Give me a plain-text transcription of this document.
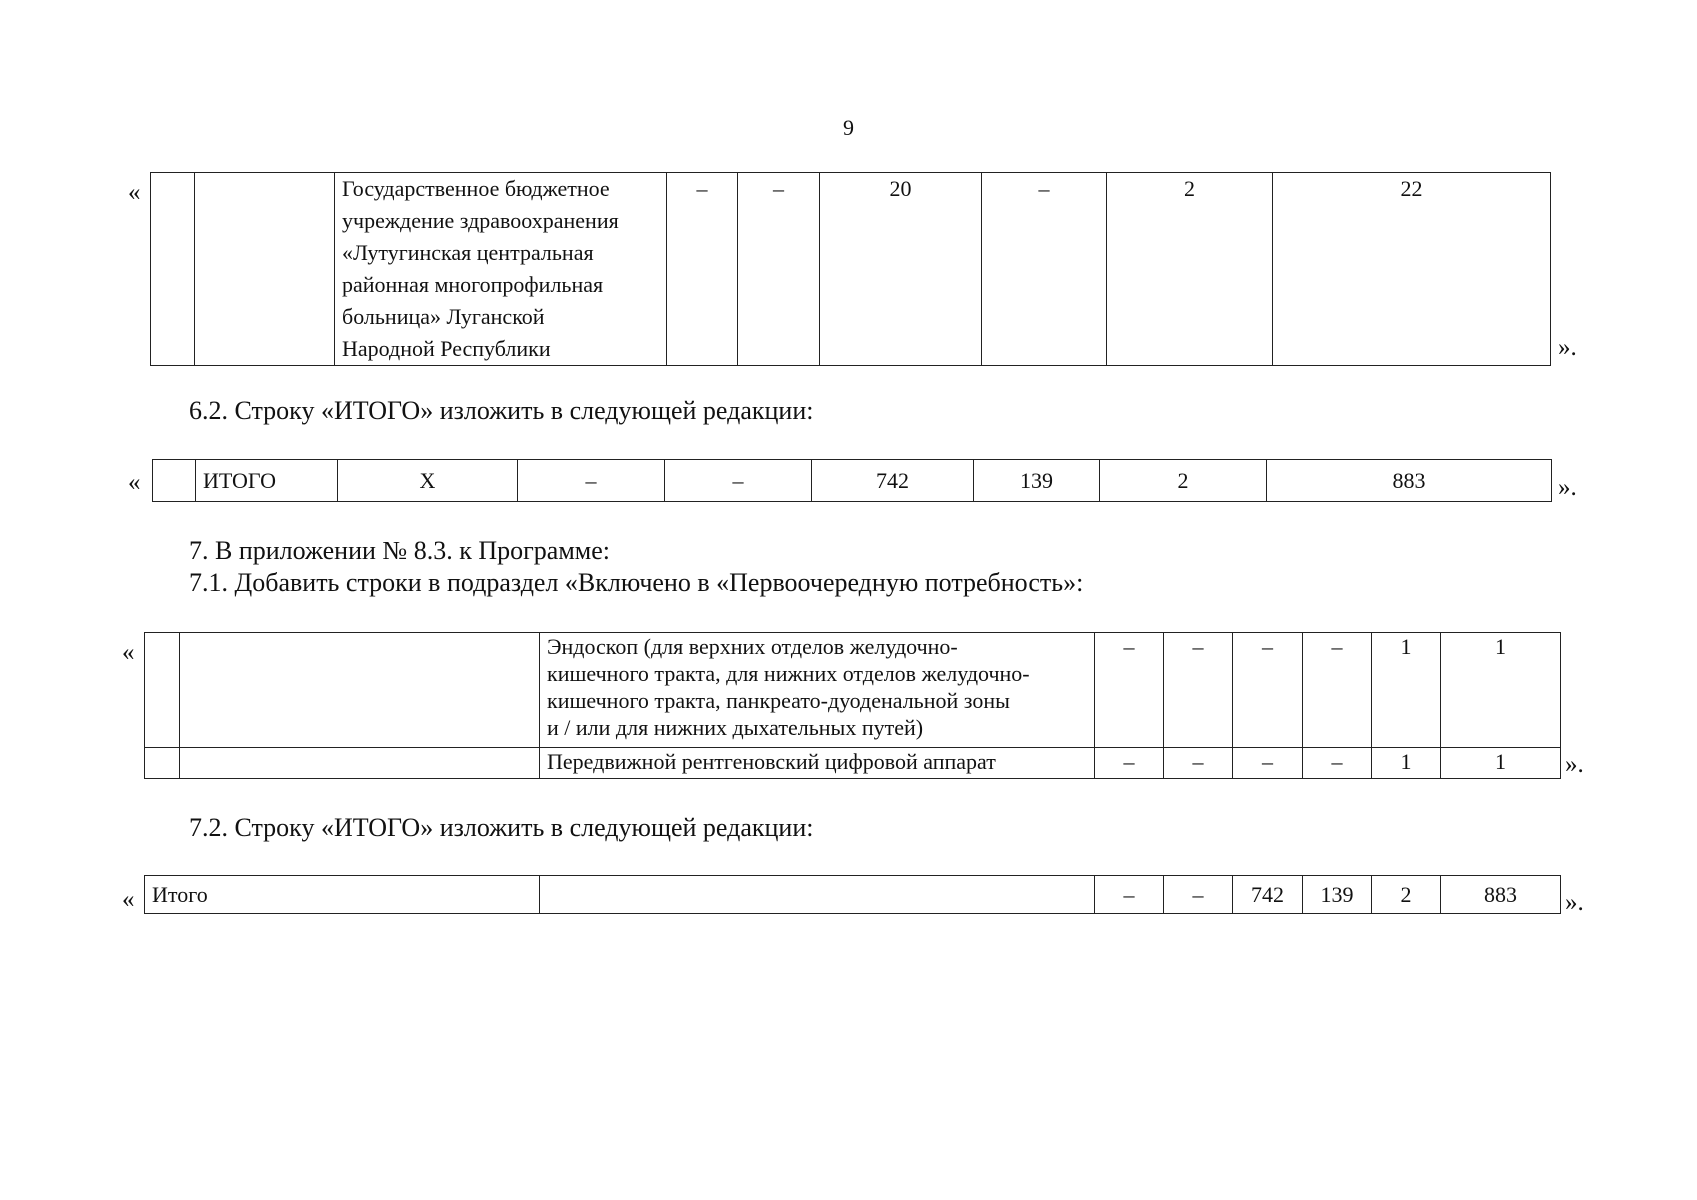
9
«
			Государственное бюджетное
учреждение здравоохранения
«Лутугинская центральная
районная многопрофильная
больница» Луганской
Народной Республики
	–	–	20	–	2	22
».
6.2. Строку «ИТОГО» изложить в следующей редакции:
«
		ИТОГО	Х	–	–	742	139	2	883	».
7. В приложении № 8.3. к Программе:
7.1. Добавить строки в подраздел «Включено в «Первоочередную потребность»:
«

		Эндоскоп (для верхних отделов желудочно-
кишечного тракта, для нижних отделов желудочно-
кишечного тракта, панкреато-дуоденальной зоны
и / или для нижних дыхательных путей)	–	–	–	–	1	1

		Передвижной рентгеновский цифровой аппарат	–	–	–	–	1	1 ».
7.2. Строку «ИТОГО» изложить в следующей редакции:
« Итого		–	–	742	139	2	883 ».
